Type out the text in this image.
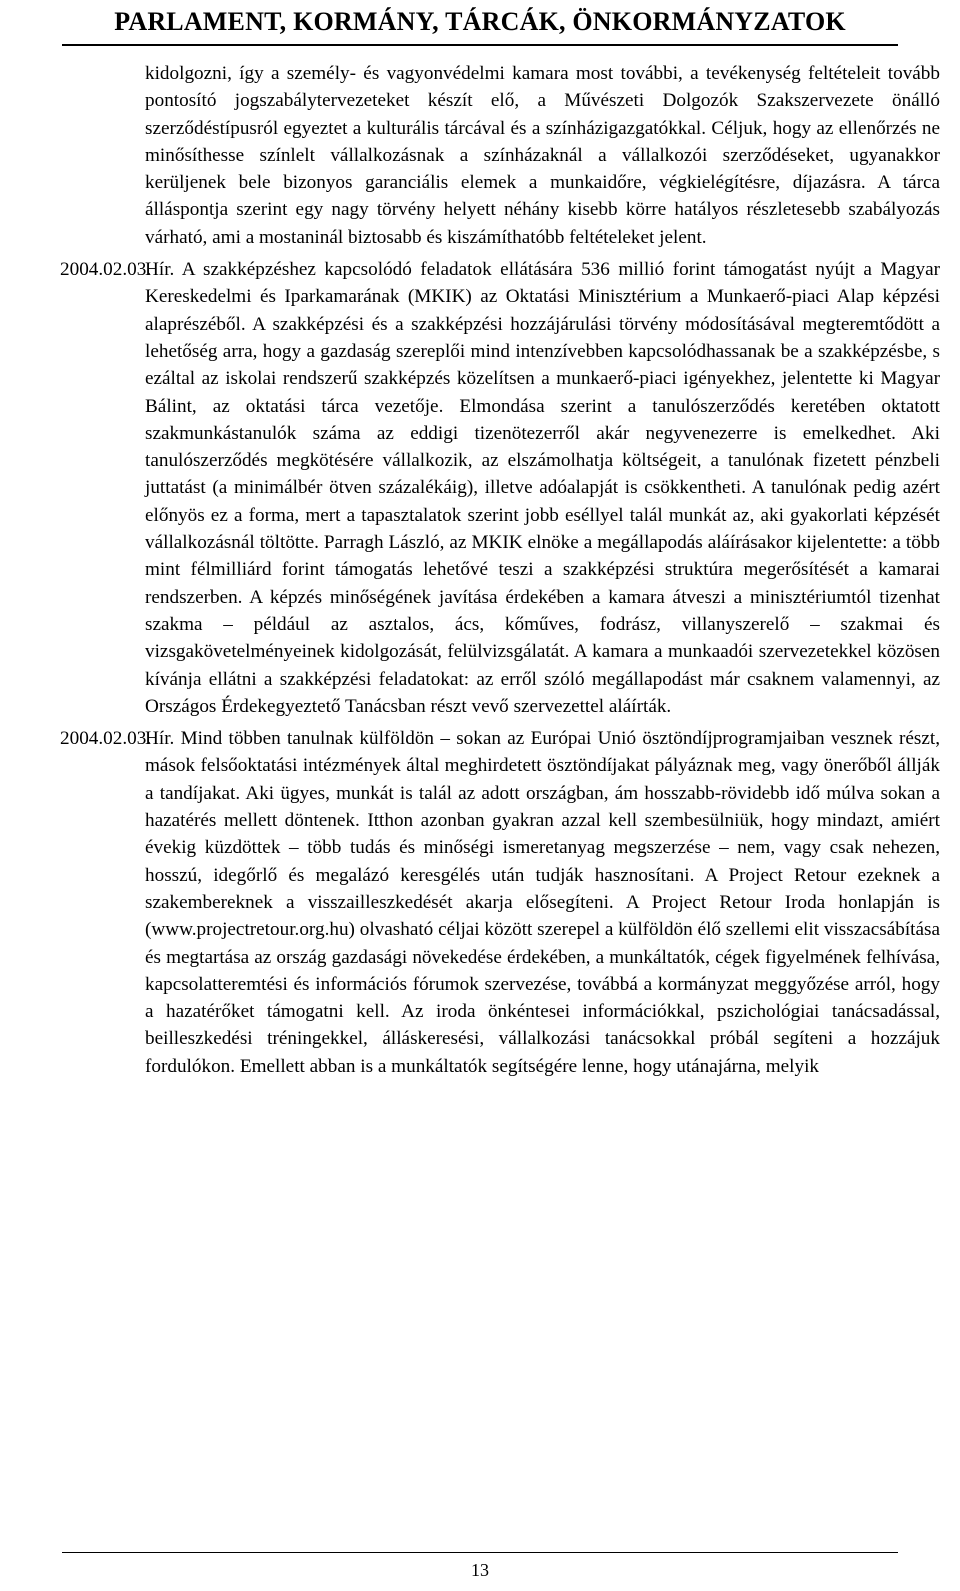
PARLAMENT, KORMÁNY, TÁRCÁK, ÖNKORMÁNYZATOK
kidolgozni, így a személy- és vagyonvédelmi kamara most további, a tevékenység feltételeit tovább pontosító jogszabálytervezeteket készít elő, a Művészeti Dolgozók Szakszervezete önálló szerződéstípusról egyeztet a kulturális tárcával és a színházigazgatókkal. Céljuk, hogy az ellenőrzés ne minősíthesse színlelt vállalkozásnak a színházaknál a vállalkozói szerződéseket, ugyanakkor kerüljenek bele bizonyos garanciális elemek a munkaidőre, végkielégítésre, díjazásra. A tárca álláspontja szerint egy nagy törvény helyett néhány kisebb körre hatályos részletesebb szabályozás várható, ami a mostaninál biztosabb és kiszámíthatóbb feltételeket jelent.
2004.02.03.
Hír. A szakképzéshez kapcsolódó feladatok ellátására 536 millió forint támogatást nyújt a Magyar Kereskedelmi és Iparkamarának (MKIK) az Oktatási Minisztérium a Munkaerő-piaci Alap képzési alaprészéből. A szakképzési és a szakképzési hozzájárulási törvény módosításával megteremtődött a lehetőség arra, hogy a gazdaság szereplői mind intenzívebben kapcsolódhassanak be a szakképzésbe, s ezáltal az iskolai rendszerű szakképzés közelítsen a munkaerő-piaci igényekhez, jelentette ki Magyar Bálint, az oktatási tárca vezetője. Elmondása szerint a tanulószerződés keretében oktatott szakmunkástanulók száma az eddigi tizenötezerről akár negyvenezerre is emelkedhet. Aki tanulószerződés megkötésére vállalkozik, az elszámolhatja költségeit, a tanulónak fizetett pénzbeli juttatást (a minimálbér ötven százalékáig), illetve adóalapját is csökkentheti. A tanulónak pedig azért előnyös ez a forma, mert a tapasztalatok szerint jobb eséllyel talál munkát az, aki gyakorlati képzését vállalkozásnál töltötte. Parragh László, az MKIK elnöke a megállapodás aláírásakor kijelentette: a több mint félmilliárd forint támogatás lehetővé teszi a szakképzési struktúra megerősítését a kamarai rendszerben. A képzés minőségének javítása érdekében a kamara átveszi a minisztériumtól tizenhat szakma – például az asztalos, ács, kőműves, fodrász, villanyszerelő – szakmai és vizsgakövetelményeinek kidolgozását, felülvizsgálatát. A kamara a munkaadói szervezetekkel közösen kívánja ellátni a szakképzési feladatokat: az erről szóló megállapodást már csaknem valamennyi, az Országos Érdekegyeztető Tanácsban részt vevő szervezettel aláírták.
2004.02.03.
Hír. Mind többen tanulnak külföldön – sokan az Európai Unió ösztöndíjprogramjaiban vesznek részt, mások felsőoktatási intézmények által meghirdetett ösztöndíjakat pályáznak meg, vagy önerőből állják a tandíjakat. Aki ügyes, munkát is talál az adott országban, ám hosszabb-rövidebb idő múlva sokan a hazatérés mellett döntenek. Itthon azonban gyakran azzal kell szembesülniük, hogy mindazt, amiért évekig küzdöttek – több tudás és minőségi ismeretanyag megszerzése – nem, vagy csak nehezen, hosszú, idegőrlő és megalázó keresgélés után tudják hasznosítani. A Project Retour ezeknek a szakembereknek a visszailleszkedését akarja elősegíteni. A Project Retour Iroda honlapján is (www.projectretour.org.hu) olvasható céljai között szerepel a külföldön élő szellemi elit visszacsábítása és megtartása az ország gazdasági növekedése érdekében, a munkáltatók, cégek figyelmének felhívása, kapcsolatteremtési és információs fórumok szervezése, továbbá a kormányzat meggyőzése arról, hogy a hazatérőket támogatni kell. Az iroda önkéntesei információkkal, pszichológiai tanácsadással, beilleszkedési tréningekkel, álláskeresési, vállalkozási tanácsokkal próbál segíteni a hozzájuk fordulókon. Emellett abban is a munkáltatók segítségére lenne, hogy utánajárna, melyik
13
